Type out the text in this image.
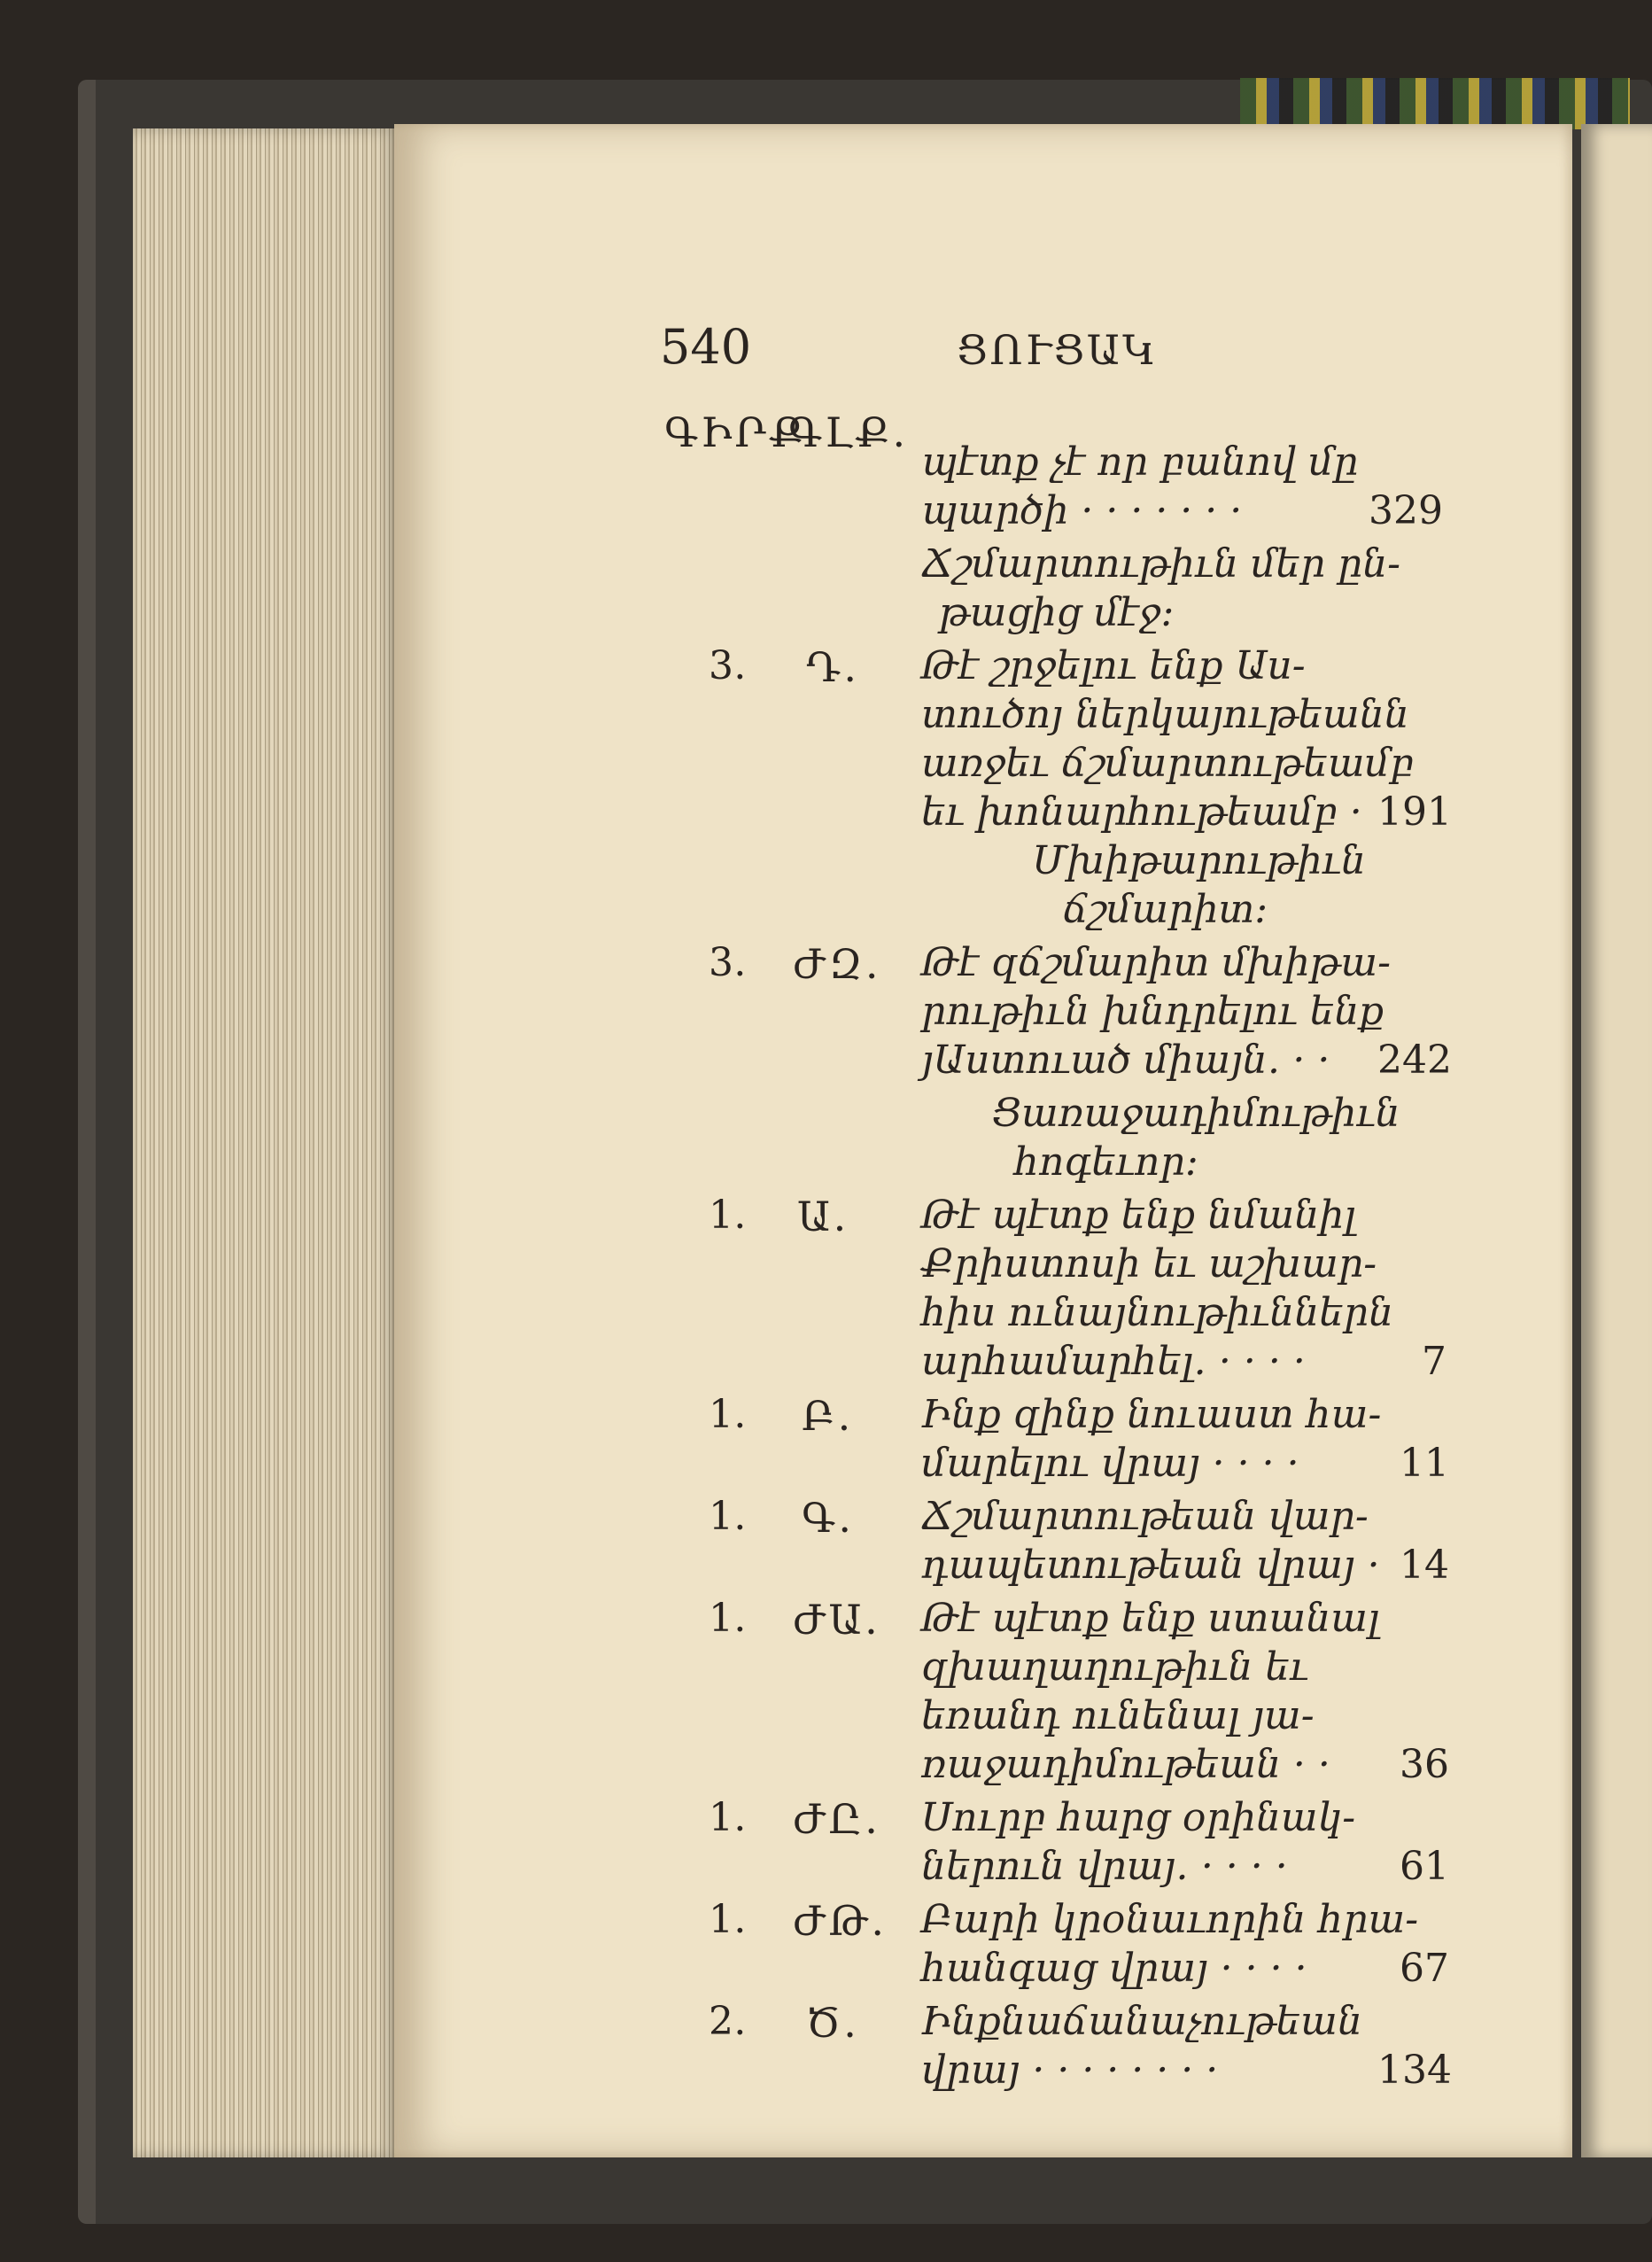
540	ՑՈՒՑԱԿ
ԳԻՐՔ
ԳԼՔ․
պէտք չէ որ բանով մը
պարծի · · · · · · ·	329
Ճշմարտութիւն մեր ըն-
թացից մէջ:
3․ Դ․ Թէ շրջելու ենք Աս-
տուծոյ ներկայութեանն
առջեւ ճշմարտութեամբ
եւ խոնարհութեամբ · 191
Մխիթարութիւն
ճշմարիտ:
3․ ԺԶ․ Թէ զճշմարիտ մխիթա-
րութիւն խնդրելու ենք
յԱստուած միայն․ · · 242
Ցառաջադիմութիւն
հոգեւոր:
1․ Ա․ Թէ պէտք ենք նմանիլ
Քրիստոսի եւ աշխար-
հիս ունայնութիւններն
արհամարհել․ · · · ·	7
1․ Բ․ Ինք զինք նուաստ հա-
մարելու վրայ · · · ·	11
1․ Գ․ Ճշմարտութեան վար-
դապետութեան վրայ · 14
1․ ԺԱ․ Թէ պէտք ենք ստանալ
զխաղաղութիւն եւ
եռանդ ունենալ յա-
ռաջադիմութեան · · 36
1․ ԺԸ․ Սուրբ հարց օրինակ-
ներուն վրայ․ · · · ·	61
1․ ԺԹ․ Բարի կրօնաւորին հրա-
հանգաց վրայ · · · · 67
2․ Ծ․ Ինքնաճանաչութեան
վրայ · · · · · · · ·	134
